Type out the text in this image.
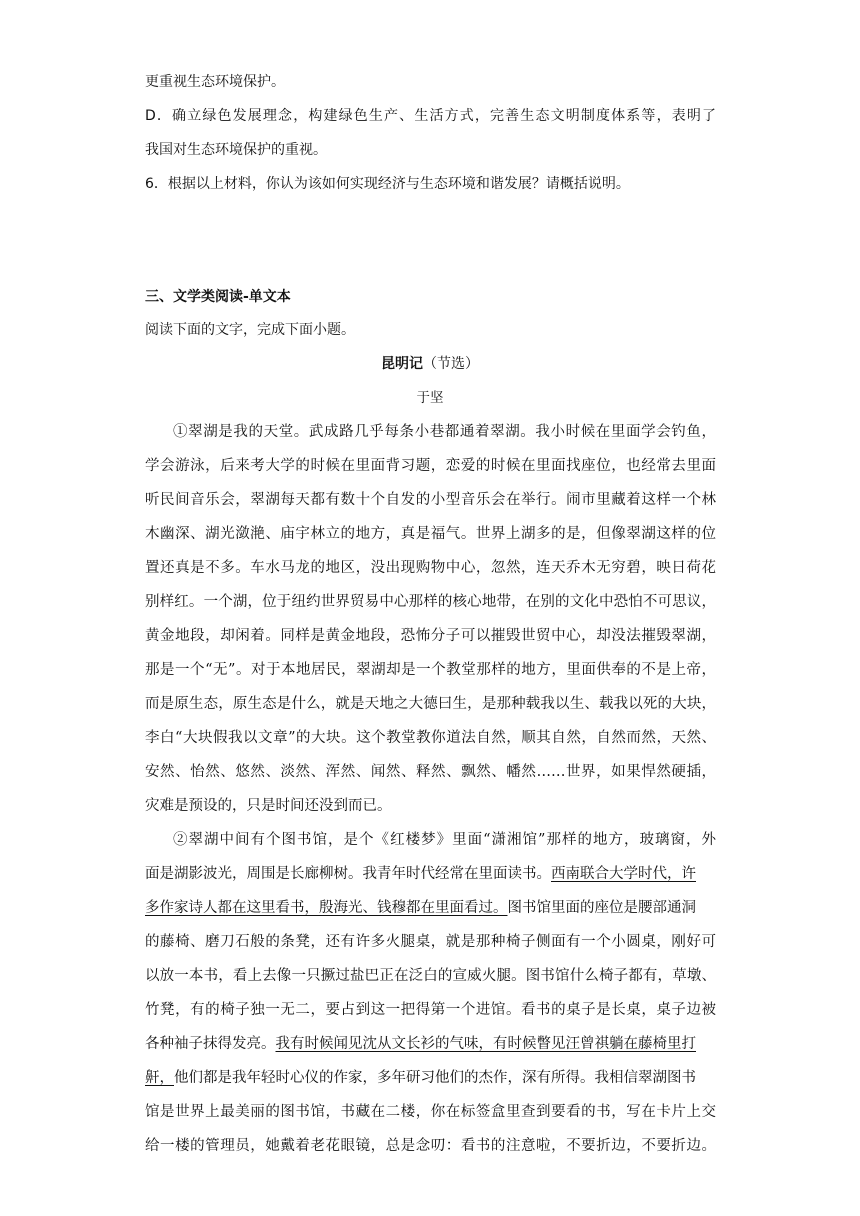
更重视生态环境保护。
D．确立绿色发展理念，构建绿色生产、生活方式，完善生态文明制度体系等，表明了
我国对生态环境保护的重视。
6．根据以上材料，你认为该如何实现经济与生态环境和谐发展？请概括说明。
三、文学类阅读-单文本
阅读下面的文字，完成下面小题。
昆明记（节选）
于坚
①翠湖是我的天堂。武成路几乎每条小巷都通着翠湖。我小时候在里面学会钓鱼，
学会游泳，后来考大学的时候在里面背习题，恋爱的时候在里面找座位，也经常去里面
听民间音乐会，翠湖每天都有数十个自发的小型音乐会在举行。闹市里藏着这样一个林
木幽深、湖光潋滟、庙宇林立的地方，真是福气。世界上湖多的是，但像翠湖这样的位
置还真是不多。车水马龙的地区，没出现购物中心，忽然，连天乔木无穷碧，映日荷花
别样红。一个湖，位于纽约世界贸易中心那样的核心地带，在别的文化中恐怕不可思议，
黄金地段，却闲着。同样是黄金地段，恐怖分子可以摧毁世贸中心，却没法摧毁翠湖，
那是一个“无”。对于本地居民，翠湖却是一个教堂那样的地方，里面供奉的不是上帝，
而是原生态，原生态是什么，就是天地之大德曰生，是那种载我以生、载我以死的大块，
李白“大块假我以文章”的大块。这个教堂教你道法自然，顺其自然，自然而然，天然、
安然、怡然、悠然、淡然、浑然、闻然、释然、飘然、幡然……世界，如果悍然硬插，
灾难是预设的，只是时间还没到而已。
②翠湖中间有个图书馆，是个《红楼梦》里面“潇湘馆”那样的地方，玻璃窗，外
面是湖影波光，周围是长廊柳树。我青年时代经常在里面读书。西南联合大学时代，许
多作家诗人都在这里看书，殷海光、钱穆都在里面看过。图书馆里面的座位是腰部通洞
的藤椅、磨刀石般的条凳，还有许多火腿桌，就是那种椅子侧面有一个小圆桌，刚好可
以放一本书，看上去像一只撅过盐巴正在泛白的宣威火腿。图书馆什么椅子都有，草墩、
竹凳，有的椅子独一无二，要占到这一把得第一个进馆。看书的桌子是长桌，桌子边被
各种袖子抹得发亮。我有时候闻见沈从文长衫的气味，有时候瞥见汪曾祺躺在藤椅里打
鼾，他们都是我年轻时心仪的作家，多年研习他们的杰作，深有所得。我相信翠湖图书
馆是世界上最美丽的图书馆，书藏在二楼，你在标签盒里查到要看的书，写在卡片上交
给一楼的管理员，她戴着老花眼镜，总是念叨：看书的注意啦，不要折边，不要折边。
